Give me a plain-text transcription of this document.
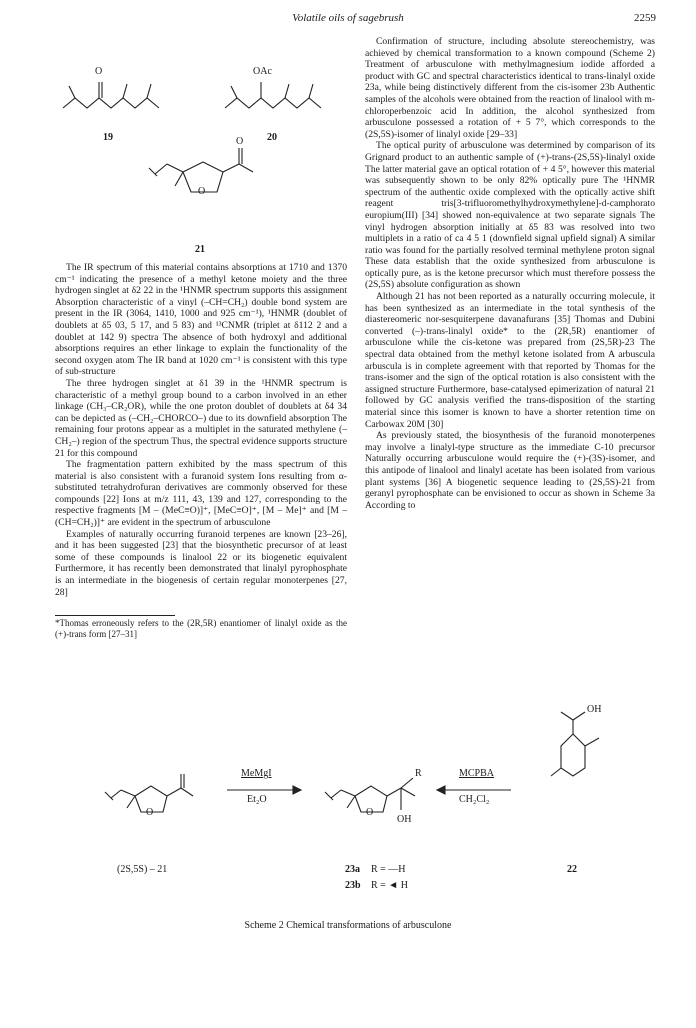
Volatile oils of sagebrush	2259
O	OAc
O
O
19	20
21

The IR spectrum of this material contains absorptions at 1710 and 1370 cm⁻¹ indicating the presence of a methyl ketone moiety and the three hydrogen singlet at δ2 22 in the ¹HNMR spectrum supports this assignment Absorption characteristic of a vinyl (–CH=CH₂) double bond system are present in the IR (3064, 1410, 1000 and 925 cm⁻¹), ¹HNMR (doublet of doublets at δ5 03, 5 17, and 5 83) and ¹³CNMR (triplet at δ112 2 and a doublet at 142 9) spectra The absence of both hydroxyl and additional absorptions requires an ether linkage to explain the functionality of the second oxygen atom The IR band at 1020 cm⁻¹ is consistent with this type of sub-structure

The three hydrogen singlet at δ1 39 in the ¹HNMR spectrum is characteristic of a methyl group bound to a carbon involved in an ether linkage (CH₃–CR₂OR), while the one proton doublet of doublets at δ4 34 can be depicted as (–CH₂–CHORCO–) due to its downfield absorption The remaining four protons appear as a multiplet in the saturated methylene (–CH₂–) region of the spectrum Thus, the spectral evidence supports structure 21 for this compound

The fragmentation pattern exhibited by the mass spectrum of this material is also consistent with a furanoid system Ions resulting from α-substituted tetrahydrofuran derivatives are commonly observed for these compounds [22] Ions at m/z 111, 43, 139 and 127, corresponding to the respective fragments [M – (MeC≡O)]⁺, [MeC≡O]⁺, [M – Me]⁺ and [M – (CH=CH₂)]⁺ are evident in the spectrum of arbusculone

Examples of naturally occurring furanoid terpenes are known [23–26], and it has been suggested [23] that the biosynthetic precursor of at least some of these compounds is linalool 22 or its biogenetic equivalent Furthermore, it has recently been demonstrated that linalyl pyrophosphate is an intermediate in the biogenesis of certain regular monoterpenes [27, 28]

*Thomas erroneously refers to the (2R,5R) enantiomer of linalyl oxide as the (+)-trans form [27–31]

Confirmation of structure, including absolute stereochemistry, was achieved by chemical transformation to a known compound (Scheme 2) Treatment of arbusculone with methylmagnesium iodide afforded a product with GC and spectral characteristics identical to trans-linalyl oxide 23a, while being distinctively different from the cis-isomer 23b Authentic samples of the alcohols were obtained from the reaction of linalool with m-chloroperbenzoic acid In addition, the alcohol synthesized from arbusculone possessed a rotation of + 5 7°, which corresponds to the (2S,5S)-isomer of linalyl oxide [29–33]

The optical purity of arbusculone was determined by comparison of its Grignard product to an authentic sample of (+)-trans-(2S,5S)-linalyl oxide The latter material gave an optical rotation of + 4 5°, however this material was subsequently shown to be only 82% optically pure The ¹HNMR spectrum of the authentic oxide complexed with the optically active shift reagent tris[3-trifluoromethylhydroxymethylene]-d-camphorato europium(III) [34] showed non-equivalence at two separate signals The vinyl hydrogen absorption initially at δ5 83 was resolved into two multiplets in a ratio of ca 4 5 1 (downfield signal upfield signal) A similar ratio was found for the partially resolved terminal methylene proton signal These data establish that the oxide synthesized from arbusculone is optically pure, as is the ketone precursor which must therefore possess the (2S,5S) absolute configuration as shown

Although 21 has not been reported as a naturally occurring molecule, it has been synthesized as an intermediate in the total synthesis of the diastereomeric nor-sesquiterpene davanafurans [35] Thomas and Dubini converted (–)-trans-linalyl oxide* to the (2R,5R) enantiomer of arbusculone while the cis-ketone was prepared from (2S,5R)-23 The spectral data obtained from the methyl ketone isolated from A arbuscula arbuscula is in complete agreement with that reported by Thomas for the trans-isomer and the sign of the optical rotation is also consistent with the assigned structure Furthermore, base-catalysed epimerization of natural 21 followed by GC analysis verified the trans-disposition of the starting material since this isomer is known to have a shorter retention time on Carbowax 20M [30]

As previously stated, the biosynthesis of the furanoid monoterpenes may involve a linalyl-type structure as the immediate C-10 precursor Naturally occurring arbusculone would require the (+)-(3S)-isomer, and this antipode of linalool and linalyl acetate has been isolated from various plant systems [36] A biogenetic sequence leading to (2S,5S)-21 from geranyl pyrophosphate can be envisioned to occur as shown in Scheme 3a According to

MeMgI
Et₂O
MCPBA
CH₂Cl₂
O	O
R
OH
OH
(2S,5S) – 21	23a R = —H
23b R = ◄ H
22
Scheme 2 Chemical transformations of arbusculone
